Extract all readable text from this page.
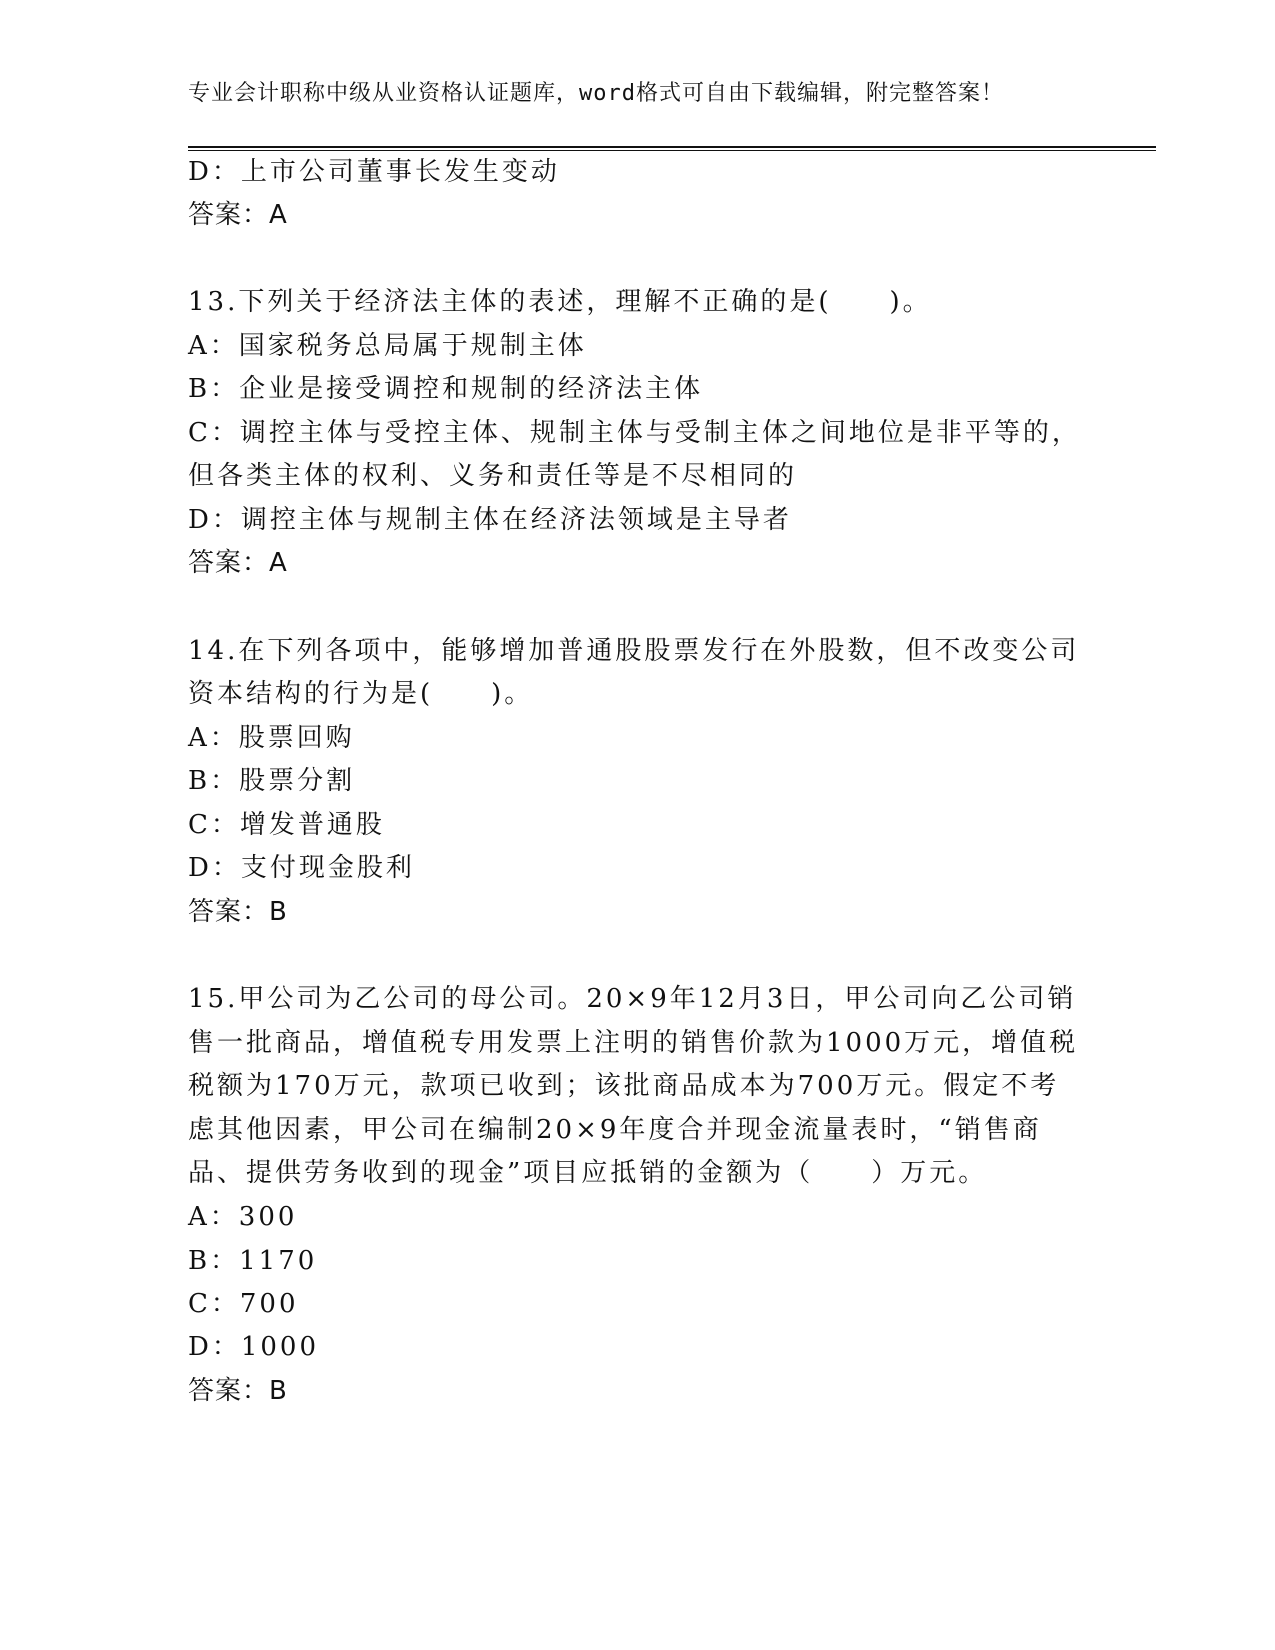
专业会计职称中级从业资格认证题库，word格式可自由下载编辑，附完整答案！
D：上市公司董事长发生变动
答案：A
13.下列关于经济法主体的表述，理解不正确的是(　　)。
A：国家税务总局属于规制主体
B：企业是接受调控和规制的经济法主体
C：调控主体与受控主体、规制主体与受制主体之间地位是非平等的，
但各类主体的权利、义务和责任等是不尽相同的
D：调控主体与规制主体在经济法领域是主导者
答案：A
14.在下列各项中，能够增加普通股股票发行在外股数，但不改变公司
资本结构的行为是(　　)。
A：股票回购
B：股票分割
C：增发普通股
D：支付现金股利
答案：B
15.甲公司为乙公司的母公司。20×9年12月3日，甲公司向乙公司销
售一批商品，增值税专用发票上注明的销售价款为1000万元，增值税
税额为170万元，款项已收到；该批商品成本为700万元。假定不考
虑其他因素，甲公司在编制20×9年度合并现金流量表时，“销售商
品、提供劳务收到的现金”项目应抵销的金额为（　　）万元。
A：300
B：1170
C：700
D：1000
答案：B
